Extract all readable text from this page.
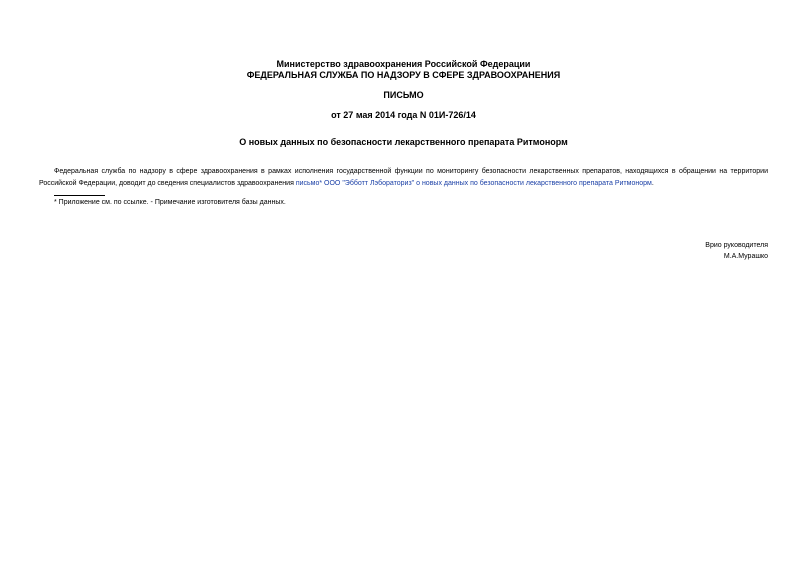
Министерство здравоохранения Российской Федерации
ФЕДЕРАЛЬНАЯ СЛУЖБА ПО НАДЗОРУ В СФЕРЕ ЗДРАВООХРАНЕНИЯ
ПИСЬМО
от 27 мая 2014 года N 01И-726/14
О новых данных по безопасности лекарственного препарата Ритмонорм
Федеральная служба по надзору в сфере здравоохранения в рамках исполнения государственной функции по мониторингу безопасности лекарственных препаратов, находящихся в обращении на территории Российской Федерации, доводит до сведения специалистов здравоохранения письмо* ООО "Эбботт Лэбораториз" о новых данных по безопасности лекарственного препарата Ритмонорм.
* Приложение см. по ссылке. - Примечание изготовителя базы данных.
Врио руководителя
М.А.Мурашко
